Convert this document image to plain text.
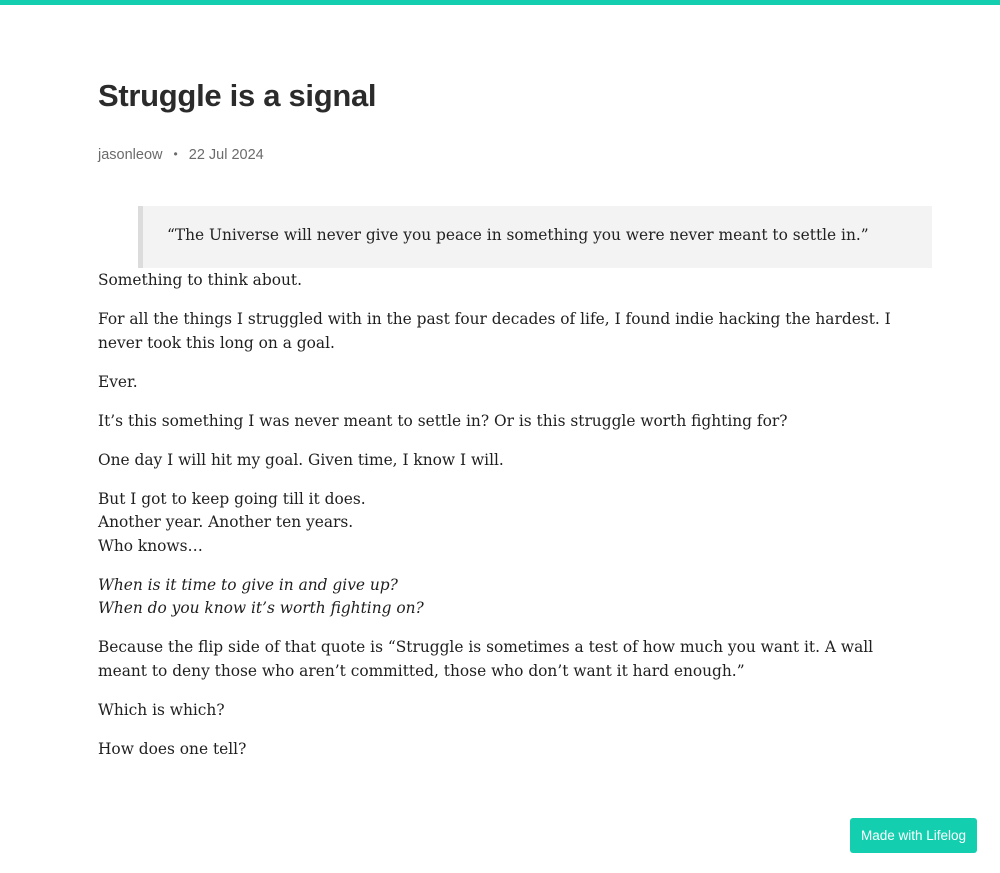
Struggle is a signal
jasonleow • 22 Jul 2024
“The Universe will never give you peace in something you were never meant to settle in.”

Something to think about.

For all the things I struggled with in the past four decades of life, I found indie hacking the hardest. I never took this long on a goal.

Ever.

It’s this something I was never meant to settle in? Or is this struggle worth fighting for?

One day I will hit my goal. Given time, I know I will.

But I got to keep going till it does.
Another year. Another ten years.
Who knows…

When is it time to give in and give up?
When do you know it’s worth fighting on?

Because the flip side of that quote is “Struggle is sometimes a test of how much you want it. A wall meant to deny those who aren’t committed, those who don’t want it hard enough.”

Which is which?

How does one tell?

Made with Lifelog
